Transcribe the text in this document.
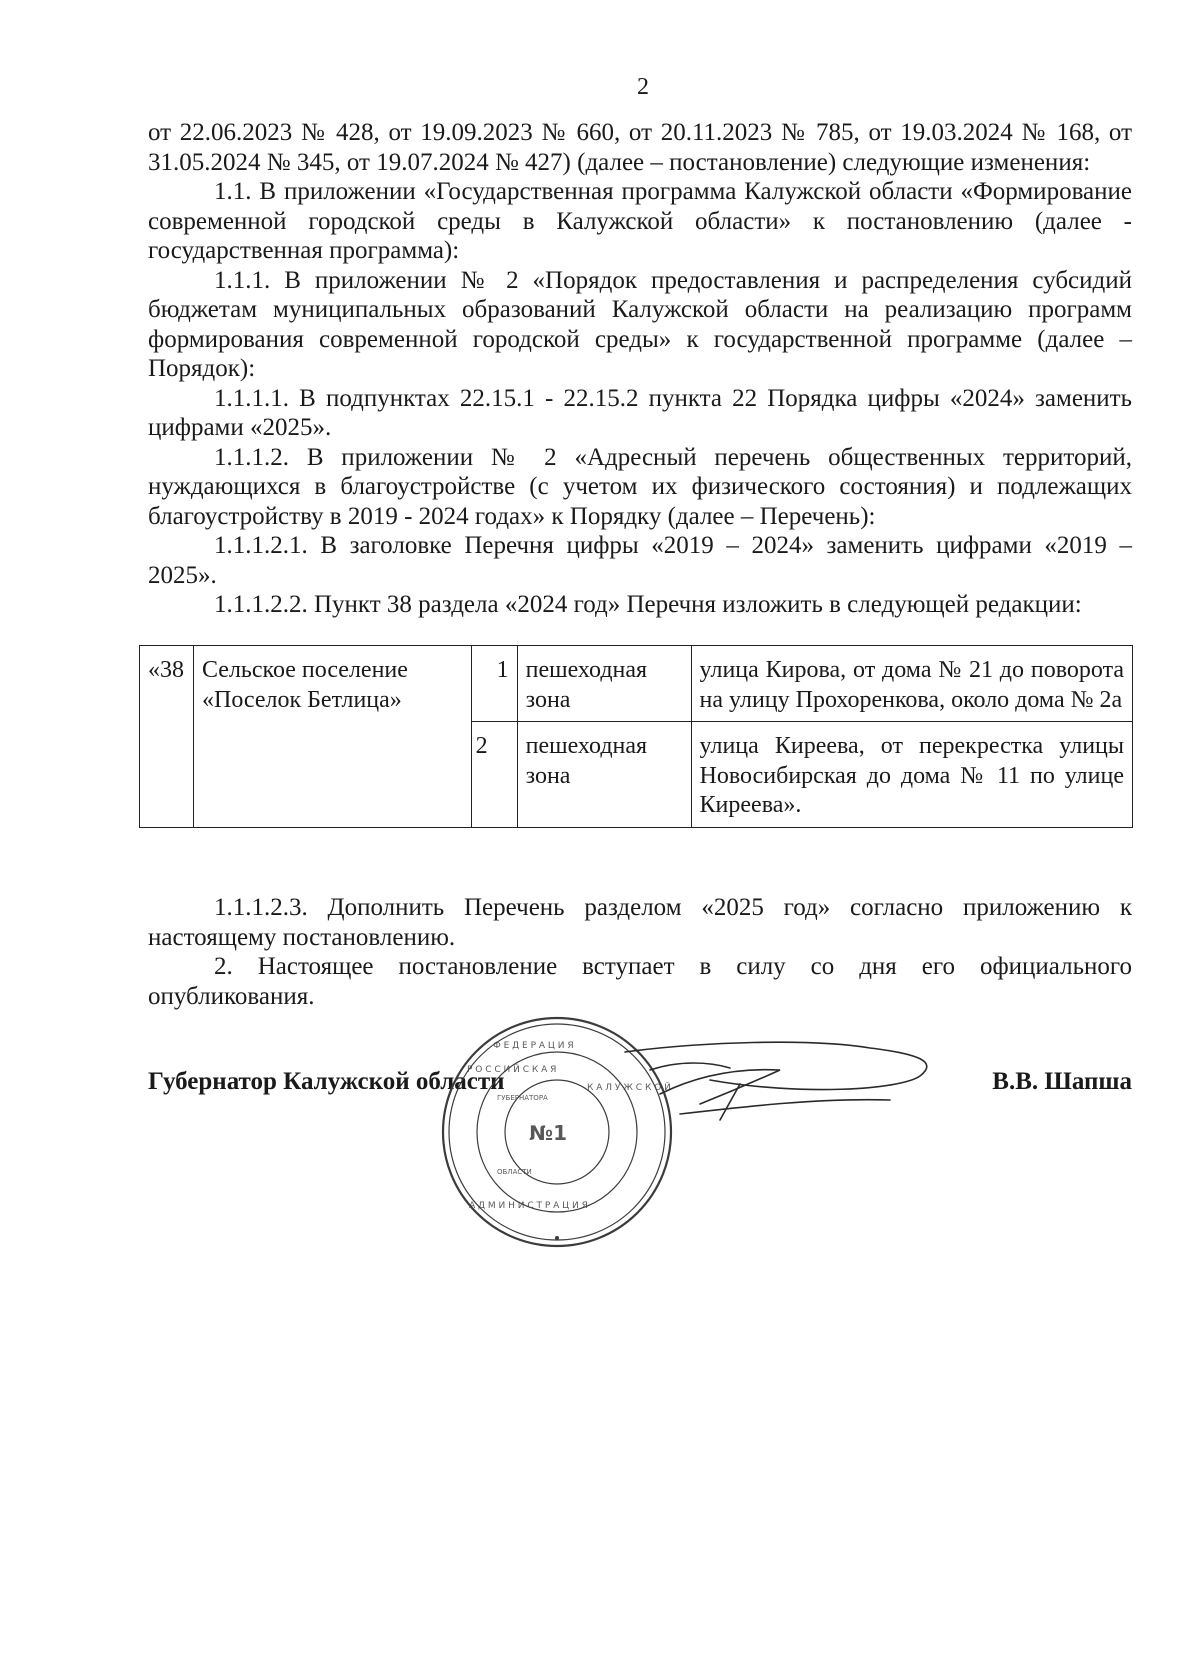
2

от 22.06.2023 № 428, от 19.09.2023 № 660, от 20.11.2023 № 785, от 19.03.2024 № 168, от 31.05.2024 № 345, от 19.07.2024 № 427) (далее – постановление) следующие изменения:

1.1. В приложении «Государственная программа Калужской области «Формирование современной городской среды в Калужской области» к постановлению (далее - государственная программа):

1.1.1. В приложении № 2 «Порядок предоставления и распределения субсидий бюджетам муниципальных образований Калужской области на реализацию программ формирования современной городской среды» к государственной программе (далее – Порядок):

1.1.1.1. В подпунктах 22.15.1 - 22.15.2 пункта 22 Порядка цифры «2024» заменить цифрами «2025».

1.1.1.2. В приложении № 2 «Адресный перечень общественных территорий, нуждающихся в благоустройстве (с учетом их физического состояния) и подлежащих благоустройству в 2019 - 2024 годах» к Порядку (далее – Перечень):

1.1.1.2.1. В заголовке Перечня цифры «2019 – 2024» заменить цифрами «2019 – 2025».

1.1.1.2.2. Пункт 38 раздела «2024 год» Перечня изложить в следующей редакции:

«38	Сельское поселение «Поселок Бетлица»	1	пешеходная зона	улица Кирова, от дома № 21 до поворота на улицу Прохоренкова, около дома № 2а
		2	пешеходная зона	улица Киреева, от перекрестка улицы Новосибирская до дома № 11 по улице Киреева».

1.1.1.2.3. Дополнить Перечень разделом «2025 год» согласно приложению к настоящему постановлению.

2. Настоящее постановление вступает в силу со дня его официального опубликования.

Губернатор Калужской области	В.В. Шапша
Р О С С И Й С К А Я
Ф Е Д Е Р А Ц И Я
А Д М И Н И С Т Р А Ц И Я
К А Л У Ж С К О Й
ГУБЕРНАТОРА
ОБЛАСТИ
№1
